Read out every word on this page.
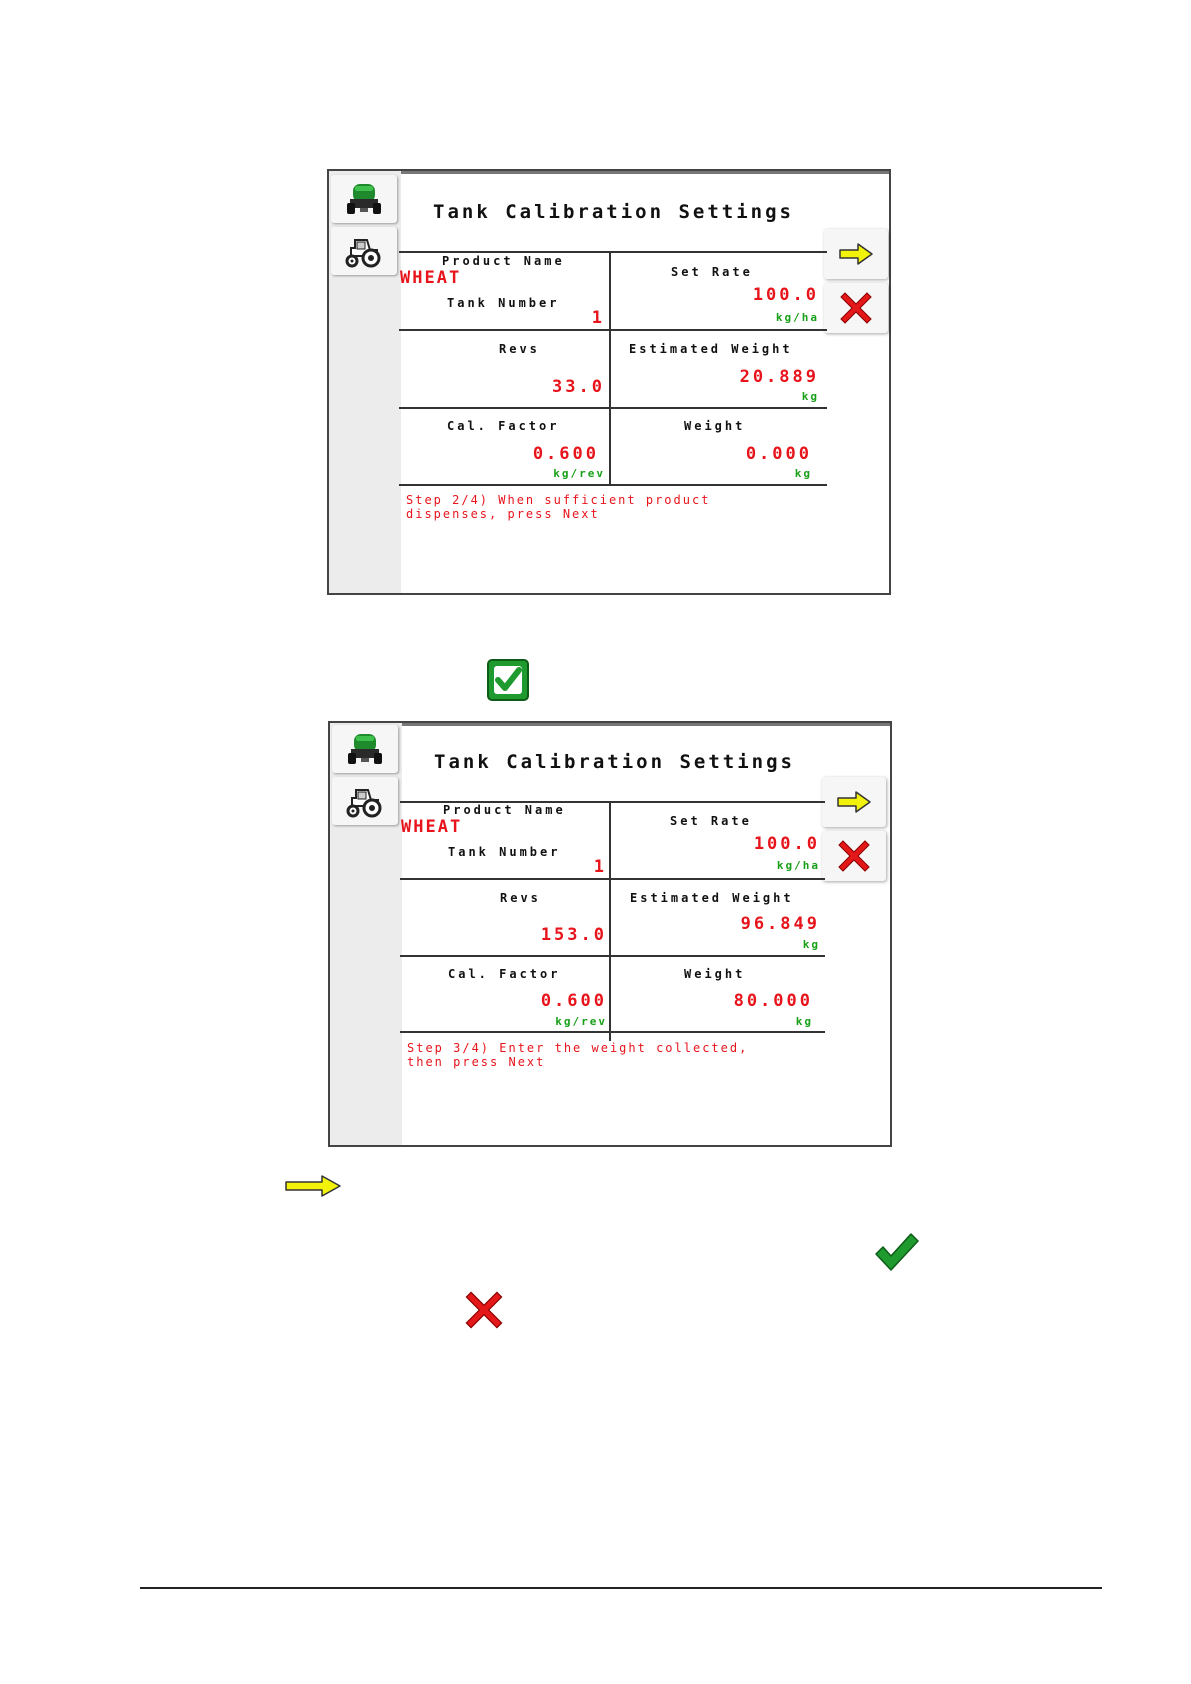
Tank Calibration Settings
Product Name
WHEAT
Tank Number
1
Set Rate
100.0
kg/ha
Revs
33.0
Estimated Weight
20.889
kg
Cal. Factor
0.600
kg/rev
Weight
0.000
kg
Step 2/4) When sufficient product
dispenses, press Next
Tank Calibration Settings
Product Name
WHEAT
Tank Number
1
Set Rate
100.0
kg/ha
Revs
153.0
Estimated Weight
96.849
kg
Cal. Factor
0.600
kg/rev
Weight
80.000
kg
Step 3/4) Enter the weight collected,
then press Next
